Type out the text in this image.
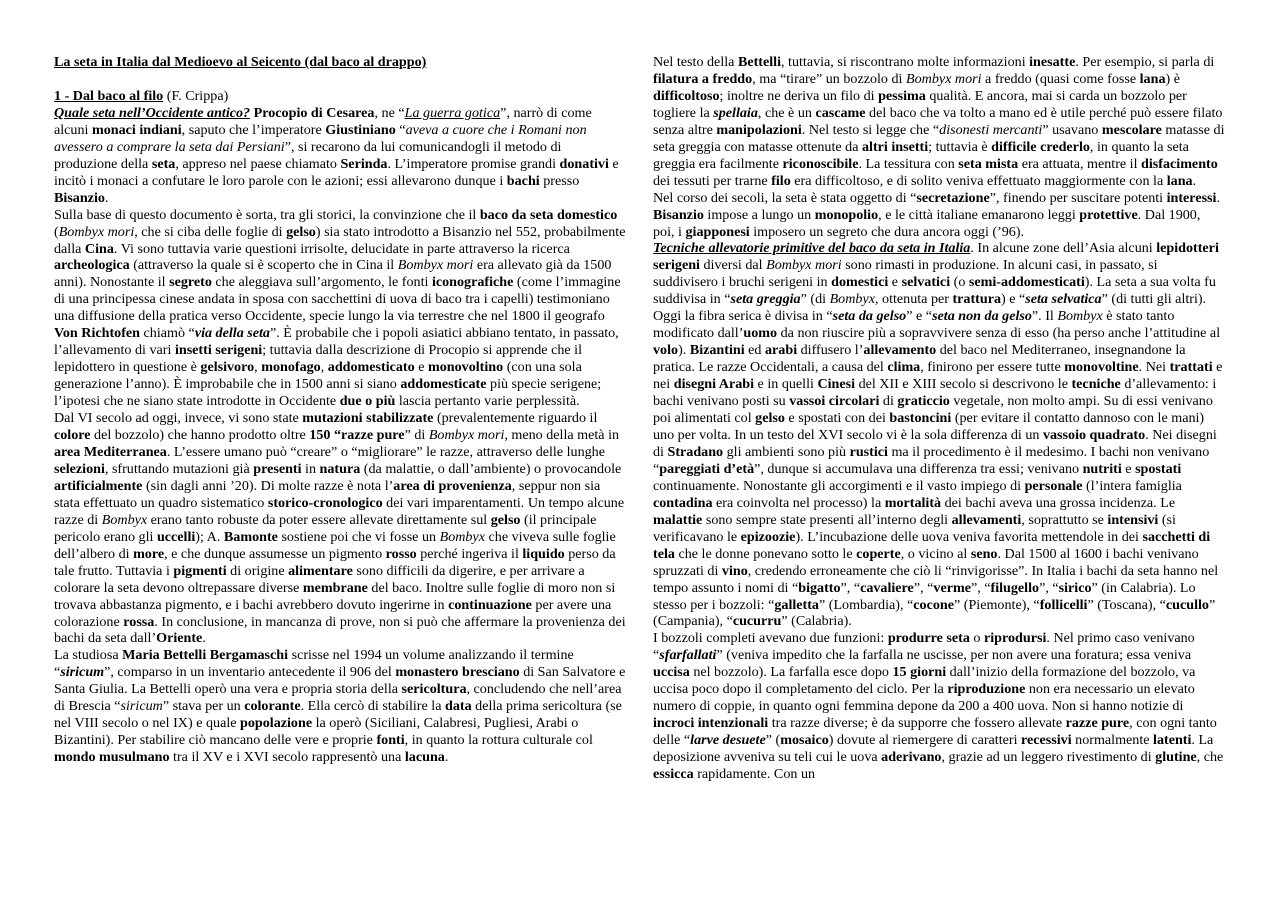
La seta in Italia dal Medioevo al Seicento (dal baco al drappo)

1 - Dal baco al filo (F. Crippa)

Quale seta nell’Occidente antico? Procopio di Cesarea, ne “La guerra gotica”, narrò di come alcuni monaci indiani, saputo che l’imperatore Giustiniano “aveva a cuore che i Romani non avessero a comprare la seta dai Persiani”, si recarono da lui comunicandogli il metodo di produzione della seta, appreso nel paese chiamato Serinda. L’imperatore promise grandi donativi e incitò i monaci a confutare le loro parole con le azioni; essi allevarono dunque i bachi presso Bisanzio.

Sulla base di questo documento è sorta, tra gli storici, la convinzione che il baco da seta domestico (Bombyx mori, che si ciba delle foglie di gelso) sia stato introdotto a Bisanzio nel 552, probabilmente dalla Cina. Vi sono tuttavia varie questioni irrisolte, delucidate in parte attraverso la ricerca archeologica (attraverso la quale si è scoperto che in Cina il Bombyx mori era allevato già da 1500 anni). Nonostante il segreto che aleggiava sull’argomento, le fonti iconografiche (come l’immagine di una principessa cinese andata in sposa con sacchettini di uova di baco tra i capelli) testimoniano una diffusione della pratica verso Occidente, specie lungo la via terrestre che nel 1800 il geografo Von Richtofen chiamò “via della seta”. È probabile che i popoli asiatici abbiano tentato, in passato, l’allevamento di vari insetti serigeni; tuttavia dalla descrizione di Procopio si apprende che il lepidottero in questione è gelsivoro, monofago, addomesticato e monovoltino (con una sola generazione l’anno). È improbabile che in 1500 anni si siano addomesticate più specie serigene; l’ipotesi che ne siano state introdotte in Occidente due o più lascia pertanto varie perplessità.

Dal VI secolo ad oggi, invece, vi sono state mutazioni stabilizzate (prevalentemente riguardo il colore del bozzolo) che hanno prodotto oltre 150 “razze pure” di Bombyx mori, meno della metà in area Mediterranea. L’essere umano può “creare” o “migliorare” le razze, attraverso delle lunghe selezioni, sfruttando mutazioni già presenti in natura (da malattie, o dall’ambiente) o provocandole artificialmente (sin dagli anni ’20). Di molte razze è nota l’area di provenienza, seppur non sia stata effettuato un quadro sistematico storico-cronologico dei vari imparentamenti. Un tempo alcune razze di Bombyx erano tanto robuste da poter essere allevate direttamente sul gelso (il principale pericolo erano gli uccelli); A. Bamonte sostiene poi che vi fosse un Bombyx che viveva sulle foglie dell’albero di more, e che dunque assumesse un pigmento rosso perché ingeriva il liquido perso da tale frutto. Tuttavia i pigmenti di origine alimentare sono difficili da digerire, e per arrivare a colorare la seta devono oltrepassare diverse membrane del baco. Inoltre sulle foglie di moro non si trovava abbastanza pigmento, e i bachi avrebbero dovuto ingerirne in continuazione per avere una colorazione rossa. In conclusione, in mancanza di prove, non si può che affermare la provenienza dei bachi da seta dall’Oriente.

La studiosa Maria Bettelli Bergamaschi scrisse nel 1994 un volume analizzando il termine “siricum”, comparso in un inventario antecedente il 906 del monastero bresciano di San Salvatore e Santa Giulia. La Bettelli operò una vera e propria storia della sericoltura, concludendo che nell’area di Brescia “siricum” stava per un colorante. Ella cercò di stabilire la data della prima sericoltura (se nel VIII secolo o nel IX) e quale popolazione la operò (Siciliani, Calabresi, Pugliesi, Arabi o Bizantini). Per stabilire ciò mancano delle vere e proprie fonti, in quanto la rottura culturale col mondo musulmano tra il XV e i XVI secolo rappresentò una lacuna.

Nel testo della Bettelli, tuttavia, si riscontrano molte informazioni inesatte. Per esempio, si parla di filatura a freddo, ma “tirare” un bozzolo di Bombyx mori a freddo (quasi come fosse lana) è difficoltoso; inoltre ne deriva un filo di pessima qualità. E ancora, mai si carda un bozzolo per togliere la spellaia, che è un cascame del baco che va tolto a mano ed è utile perché può essere filato senza altre manipolazioni. Nel testo si legge che “disonesti mercanti” usavano mescolare matasse di seta greggia con matasse ottenute da altri insetti; tuttavia è difficile crederlo, in quanto la seta greggia era facilmente riconoscibile. La tessitura con seta mista era attuata, mentre il disfacimento dei tessuti per trarne filo era difficoltoso, e di solito veniva effettuato maggiormente con la lana.

Nel corso dei secoli, la seta è stata oggetto di “secretazione”, finendo per suscitare potenti interessi. Bisanzio impose a lungo un monopolio, e le città italiane emanarono leggi protettive. Dal 1900, poi, i giapponesi imposero un segreto che dura ancora oggi (’96).

Tecniche allevatorie primitive del baco da seta in Italia. In alcune zone dell’Asia alcuni lepidotteri serigeni diversi dal Bombyx mori sono rimasti in produzione. In alcuni casi, in passato, si suddivisero i bruchi serigeni in domestici e selvatici (o semi-addomesticati). La seta a sua volta fu suddivisa in “seta greggia” (di Bombyx, ottenuta per trattura) e “seta selvatica” (di tutti gli altri). Oggi la fibra serica è divisa in “seta da gelso” e “seta non da gelso”. Il Bombyx è stato tanto modificato dall’uomo da non riuscire più a sopravvivere senza di esso (ha perso anche l’attitudine al volo). Bizantini ed arabi diffusero l’allevamento del baco nel Mediterraneo, insegnandone la pratica. Le razze Occidentali, a causa del clima, finirono per essere tutte monovoltine. Nei trattati e nei disegni Arabi e in quelli Cinesi del XII e XIII secolo si descrivono le tecniche d’allevamento: i bachi venivano posti su vassoi circolari di graticcio vegetale, non molto ampi. Su di essi venivano poi alimentati col gelso e spostati con dei bastoncini (per evitare il contatto dannoso con le mani) uno per volta. In un testo del XVI secolo vi è la sola differenza di un vassoio quadrato. Nei disegni di Stradano gli ambienti sono più rustici ma il procedimento è il medesimo. I bachi non venivano “pareggiati d’età”, dunque si accumulava una differenza tra essi; venivano nutriti e spostati continuamente. Nonostante gli accorgimenti e il vasto impiego di personale (l’intera famiglia contadina era coinvolta nel processo) la mortalità dei bachi aveva una grossa incidenza. Le malattie sono sempre state presenti all’interno degli allevamenti, soprattutto se intensivi (si verificavano le epizoozie). L’incubazione delle uova veniva favorita mettendole in dei sacchetti di tela che le donne ponevano sotto le coperte, o vicino al seno. Dal 1500 al 1600 i bachi venivano spruzzati di vino, credendo erroneamente che ciò li “rinvigorisse”. In Italia i bachi da seta hanno nel tempo assunto i nomi di “bigatto”, “cavaliere”, “verme”, “filugello”, “sirico” (in Calabria). Lo stesso per i bozzoli: “galletta” (Lombardia), “cocone” (Piemonte), “follicelli” (Toscana), “cucullo” (Campania), “cucurru” (Calabria).

I bozzoli completi avevano due funzioni: produrre seta o riprodursi. Nel primo caso venivano “sfarfallati” (veniva impedito che la farfalla ne uscisse, per non avere una foratura; essa veniva uccisa nel bozzolo). La farfalla esce dopo 15 giorni dall’inizio della formazione del bozzolo, va uccisa poco dopo il completamento del ciclo. Per la riproduzione non era necessario un elevato numero di coppie, in quanto ogni femmina depone da 200 a 400 uova. Non si hanno notizie di incroci intenzionali tra razze diverse; è da supporre che fossero allevate razze pure, con ogni tanto delle “larve desuete” (mosaico) dovute al riemergere di caratteri recessivi normalmente latenti. La deposizione avveniva su teli cui le uova aderivano, grazie ad un leggero rivestimento di glutine, che essicca rapidamente. Con un
